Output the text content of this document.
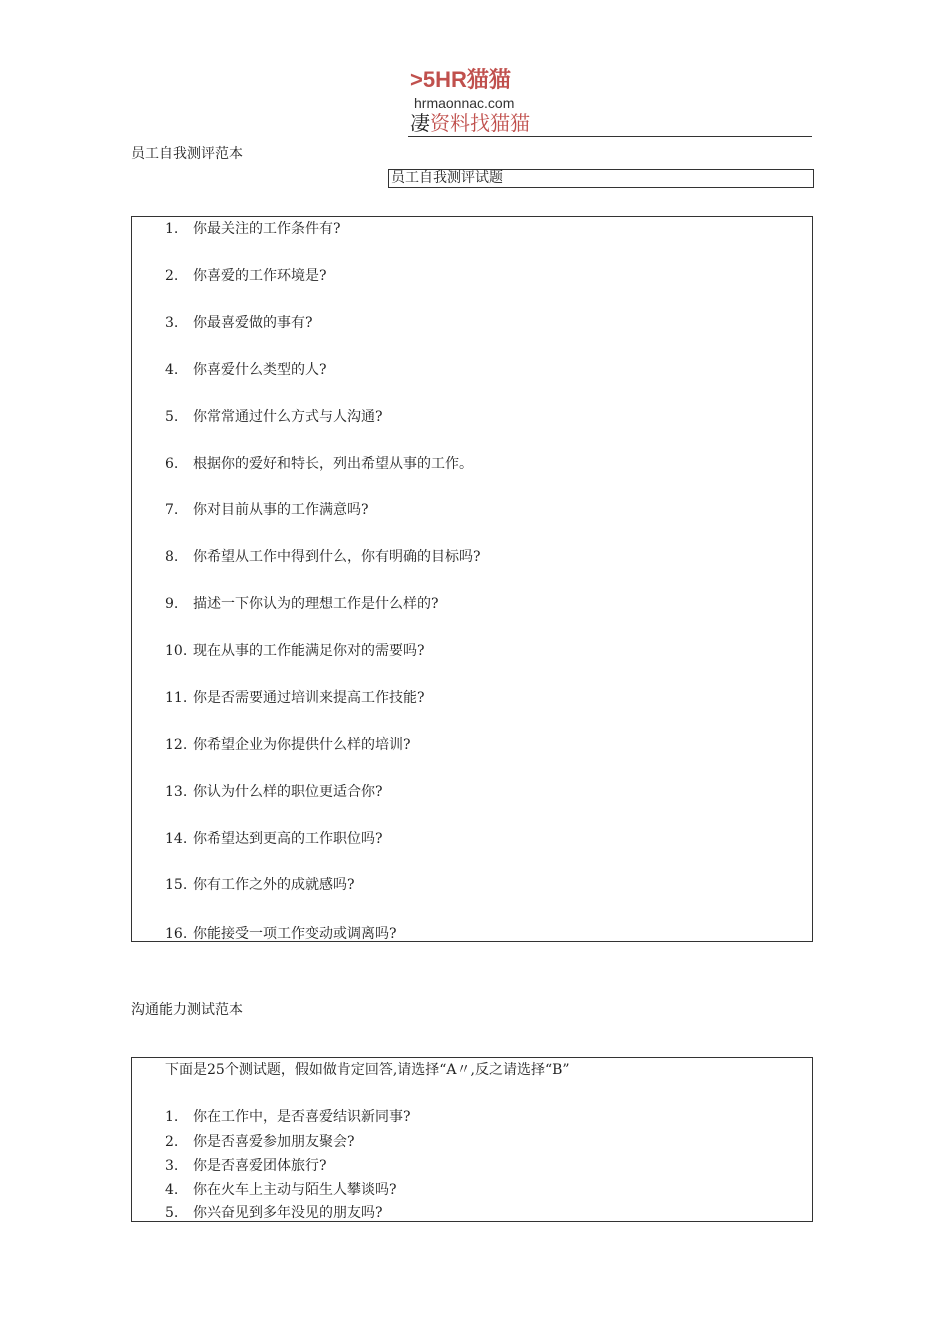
>5HR猫猫
hrmaonnac.com
凄资料找猫猫
员工自我测评范本
员工自我测评试题
1. 你最关注的工作条件有?
2. 你喜爱的工作环境是?
3. 你最喜爱做的事有?
4. 你喜爱什么类型的人?
5. 你常常通过什么方式与人沟通?
6. 根据你的爱好和特长，列出希望从事的工作。
7. 你对目前从事的工作满意吗?
8. 你希望从工作中得到什么，你有明确的目标吗?
9. 描述一下你认为的理想工作是什么样的?
10. 现在从事的工作能满足你对的需要吗?
11. 你是否需要通过培训来提高工作技能?
12. 你希望企业为你提供什么样的培训?
13. 你认为什么样的职位更适合你?
14. 你希望达到更高的工作职位吗?
15. 你有工作之外的成就感吗?
16. 你能接受一项工作变动或调离吗?
沟通能力测试范本
下面是25个测试题，假如做肯定回答,请选择“A〃,反之请选择“B”
1. 你在工作中，是否喜爱结识新同事?
2. 你是否喜爱参加朋友聚会?
3. 你是否喜爱团体旅行?
4. 你在火车上主动与陌生人攀谈吗?
5. 你兴奋见到多年没见的朋友吗?
